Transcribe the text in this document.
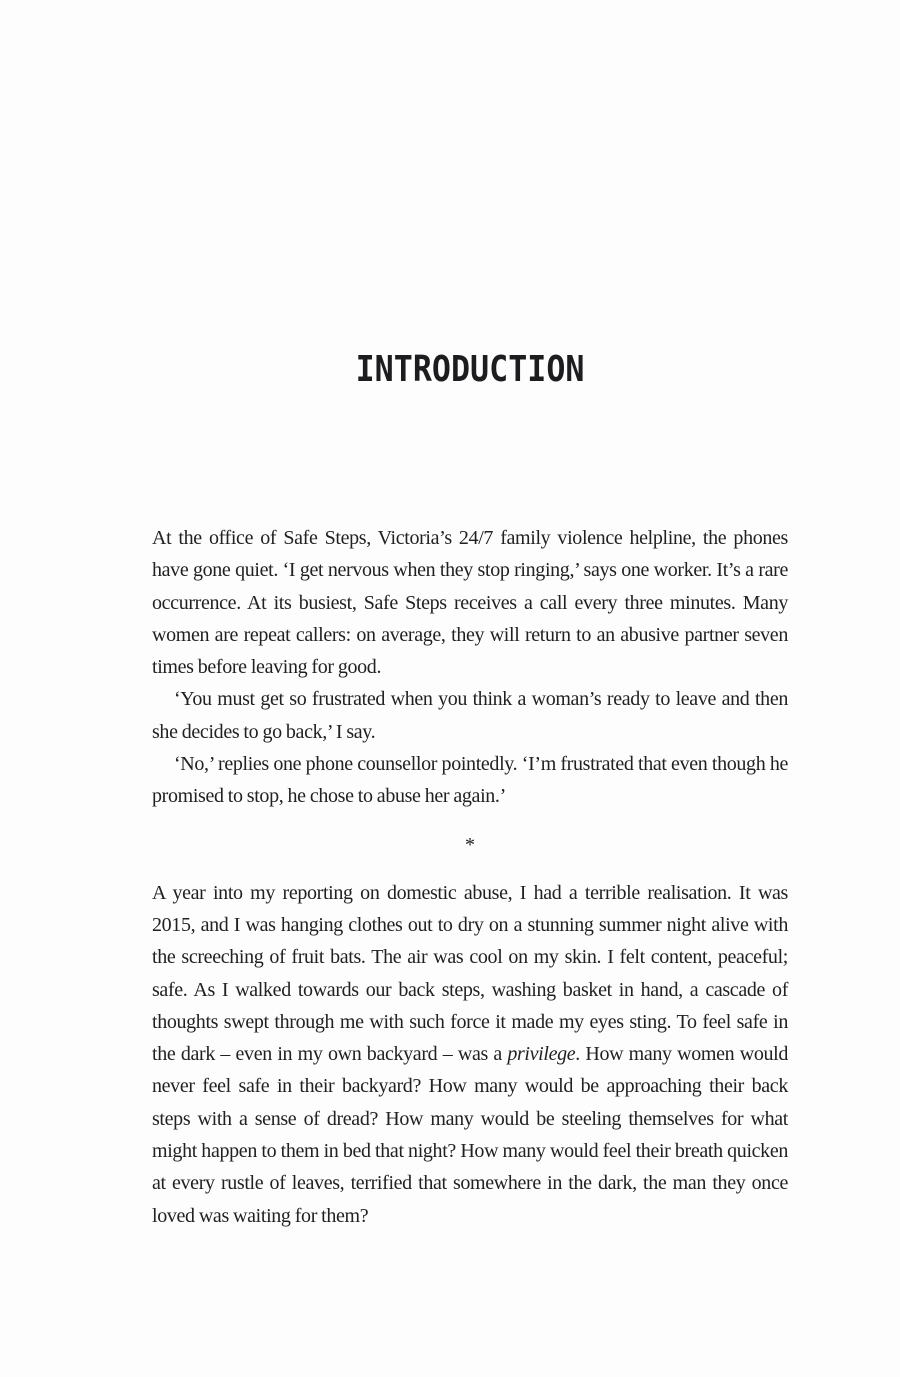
INTRODUCTION

At the office of Safe Steps, Victoria’s 24/7 family violence helpline, the phones have gone quiet. ‘I get nervous when they stop ringing,’ says one worker. It’s a rare occurrence. At its busiest, Safe Steps receives a call every three minutes. Many women are repeat callers: on average, they will return to an abusive partner seven times before leaving for good.

‘You must get so frustrated when you think a woman’s ready to leave and then she decides to go back,’ I say.

‘No,’ replies one phone counsellor pointedly. ‘I’m frustrated that even though he promised to stop, he chose to abuse her again.’

*

A year into my reporting on domestic abuse, I had a terrible realisation. It was 2015, and I was hanging clothes out to dry on a stunning summer night alive with the screeching of fruit bats. The air was cool on my skin. I felt content, peaceful; safe. As I walked towards our back steps, washing basket in hand, a cascade of thoughts swept through me with such force it made my eyes sting. To feel safe in the dark – even in my own backyard – was a privilege. How many women would never feel safe in their backyard? How many would be approaching their back steps with a sense of dread? How many would be steeling themselves for what might happen to them in bed that night? How many would feel their breath quicken at every rustle of leaves, terrified that somewhere in the dark, the man they once loved was waiting for them?
